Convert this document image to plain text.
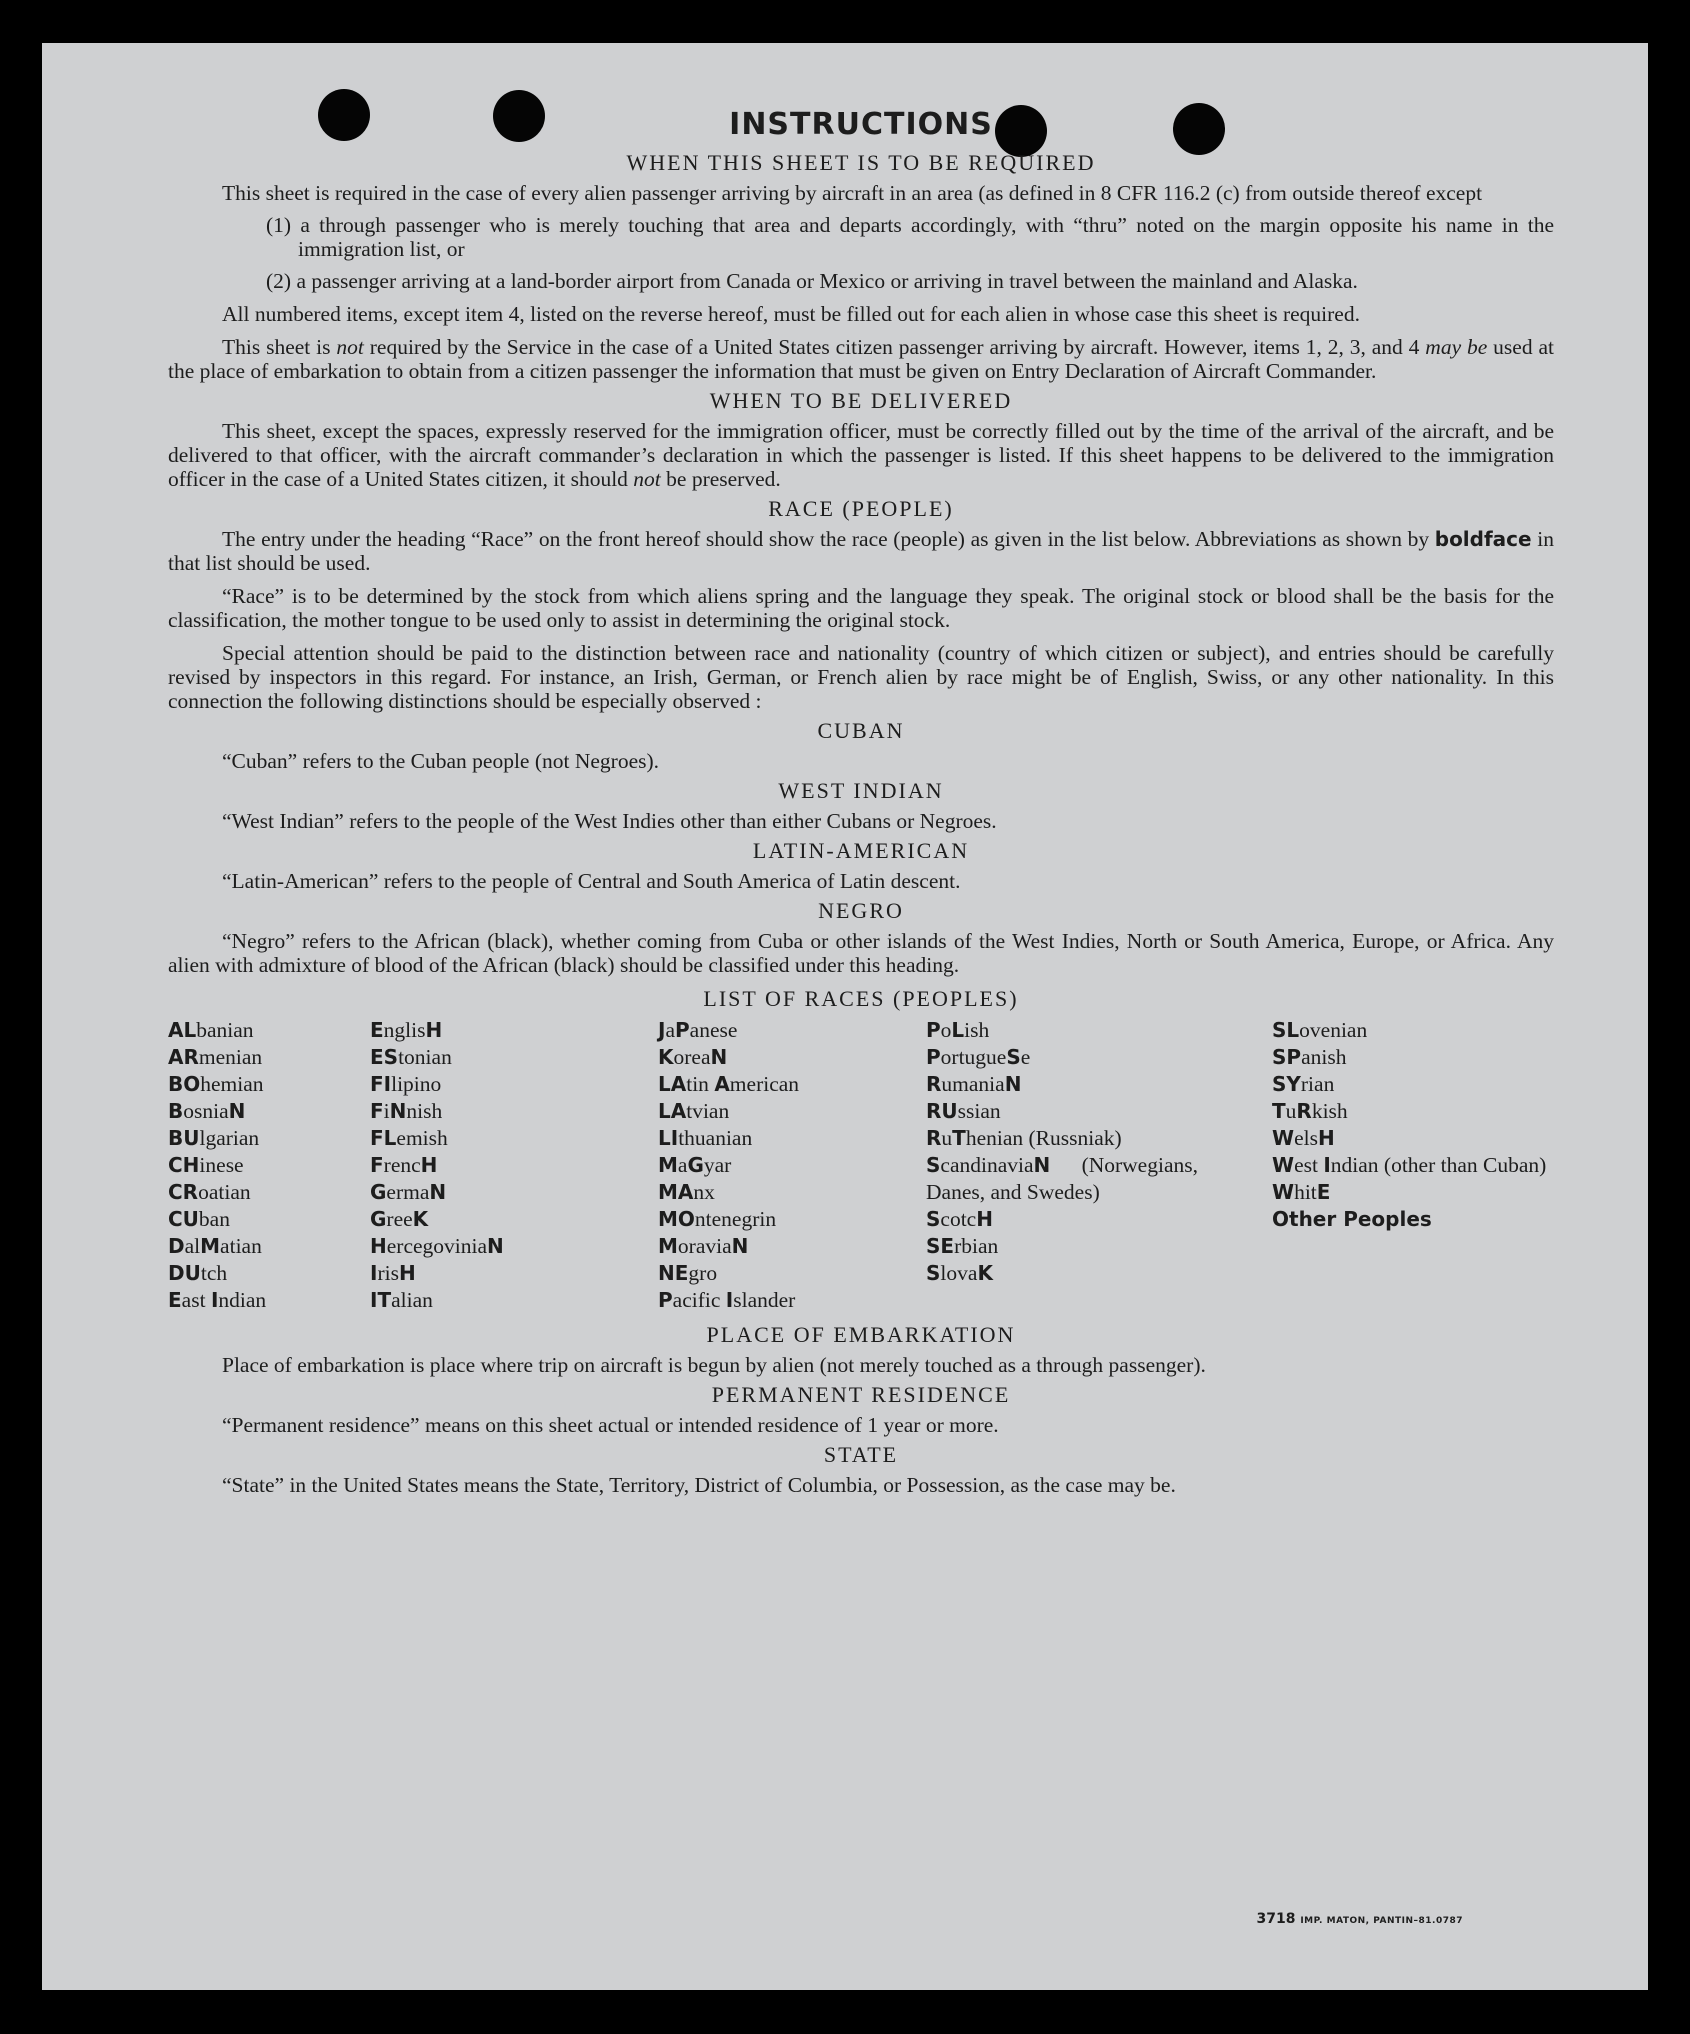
INSTRUCTIONS
WHEN THIS SHEET IS TO BE REQUIRED

This sheet is required in the case of every alien passenger arriving by aircraft in an area (as defined in 8 CFR 116.2 (c) from outside thereof except

(1) a through passenger who is merely touching that area and departs accordingly, with “thru” noted on the margin opposite his name in the immigration list, or

(2) a passenger arriving at a land-border airport from Canada or Mexico or arriving in travel between the mainland and Alaska.

All numbered items, except item 4, listed on the reverse hereof, must be filled out for each alien in whose case this sheet is required.

This sheet is not required by the Service in the case of a United States citizen passenger arriving by aircraft. However, items 1, 2, 3, and 4 may be used at the place of embarkation to obtain from a citizen passenger the information that must be given on Entry Declaration of Aircraft Commander.

WHEN TO BE DELIVERED

This sheet, except the spaces, expressly reserved for the immigration officer, must be correctly filled out by the time of the arrival of the aircraft, and be delivered to that officer, with the aircraft commander’s declaration in which the passenger is listed. If this sheet happens to be delivered to the immigration officer in the case of a United States citizen, it should not be preserved.

RACE (PEOPLE)

The entry under the heading “Race” on the front hereof should show the race (people) as given in the list below. Abbreviations as shown by boldface in that list should be used.

“Race” is to be determined by the stock from which aliens spring and the language they speak. The original stock or blood shall be the basis for the classification, the mother tongue to be used only to assist in determining the original stock.

Special attention should be paid to the distinction between race and nationality (country of which citizen or subject), and entries should be carefully revised by inspectors in this regard. For instance, an Irish, German, or French alien by race might be of English, Swiss, or any other nationality. In this connection the following distinctions should be especially observed :

CUBAN

“Cuban” refers to the Cuban people (not Negroes).

WEST INDIAN

“West Indian” refers to the people of the West Indies other than either Cubans or Negroes.

LATIN-AMERICAN

“Latin-American” refers to the people of Central and South America of Latin descent.

NEGRO

“Negro” refers to the African (black), whether coming from Cuba or other islands of the West Indies, North or South America, Europe, or Africa. Any alien with admixture of blood of the African (black) should be classified under this heading.

LIST OF RACES (PEOPLES)
ALbanian
ARmenian
BOhemian
BosniaN
BUlgarian
CHinese
CRoatian
CUban
DalMatian
DUtch
East Indian
EnglisH
EStonian
FIlipino
FiNnish
FLemish
FrencH
GermaN
GreeK
HercegoviniaN
IrisH
ITalian
JaPanese
KoreaN
LAtin American
LAtvian
LIthuanian
MaGyar
MAnx
MOntenegrin
MoraviaN
NEgro
Pacific Islander
PoLish
PortugueSe
RumaniaN
RUssian
RuThenian (Russniak)
ScandinaviaN (Norwegians, Danes, and Swedes)
ScotcH
SErbian
SlovaK
SLovenian
SPanish
SYrian
TuRkish
WelsH
West Indian (other than Cuban)
WhitE
Other Peoples
PLACE OF EMBARKATION

Place of embarkation is place where trip on aircraft is begun by alien (not merely touched as a through passenger).

PERMANENT RESIDENCE

“Permanent residence” means on this sheet actual or intended residence of 1 year or more.

STATE

“State” in the United States means the State, Territory, District of Columbia, or Possession, as the case may be.

3718 IMP. MATON, PANTIN–81.0787
